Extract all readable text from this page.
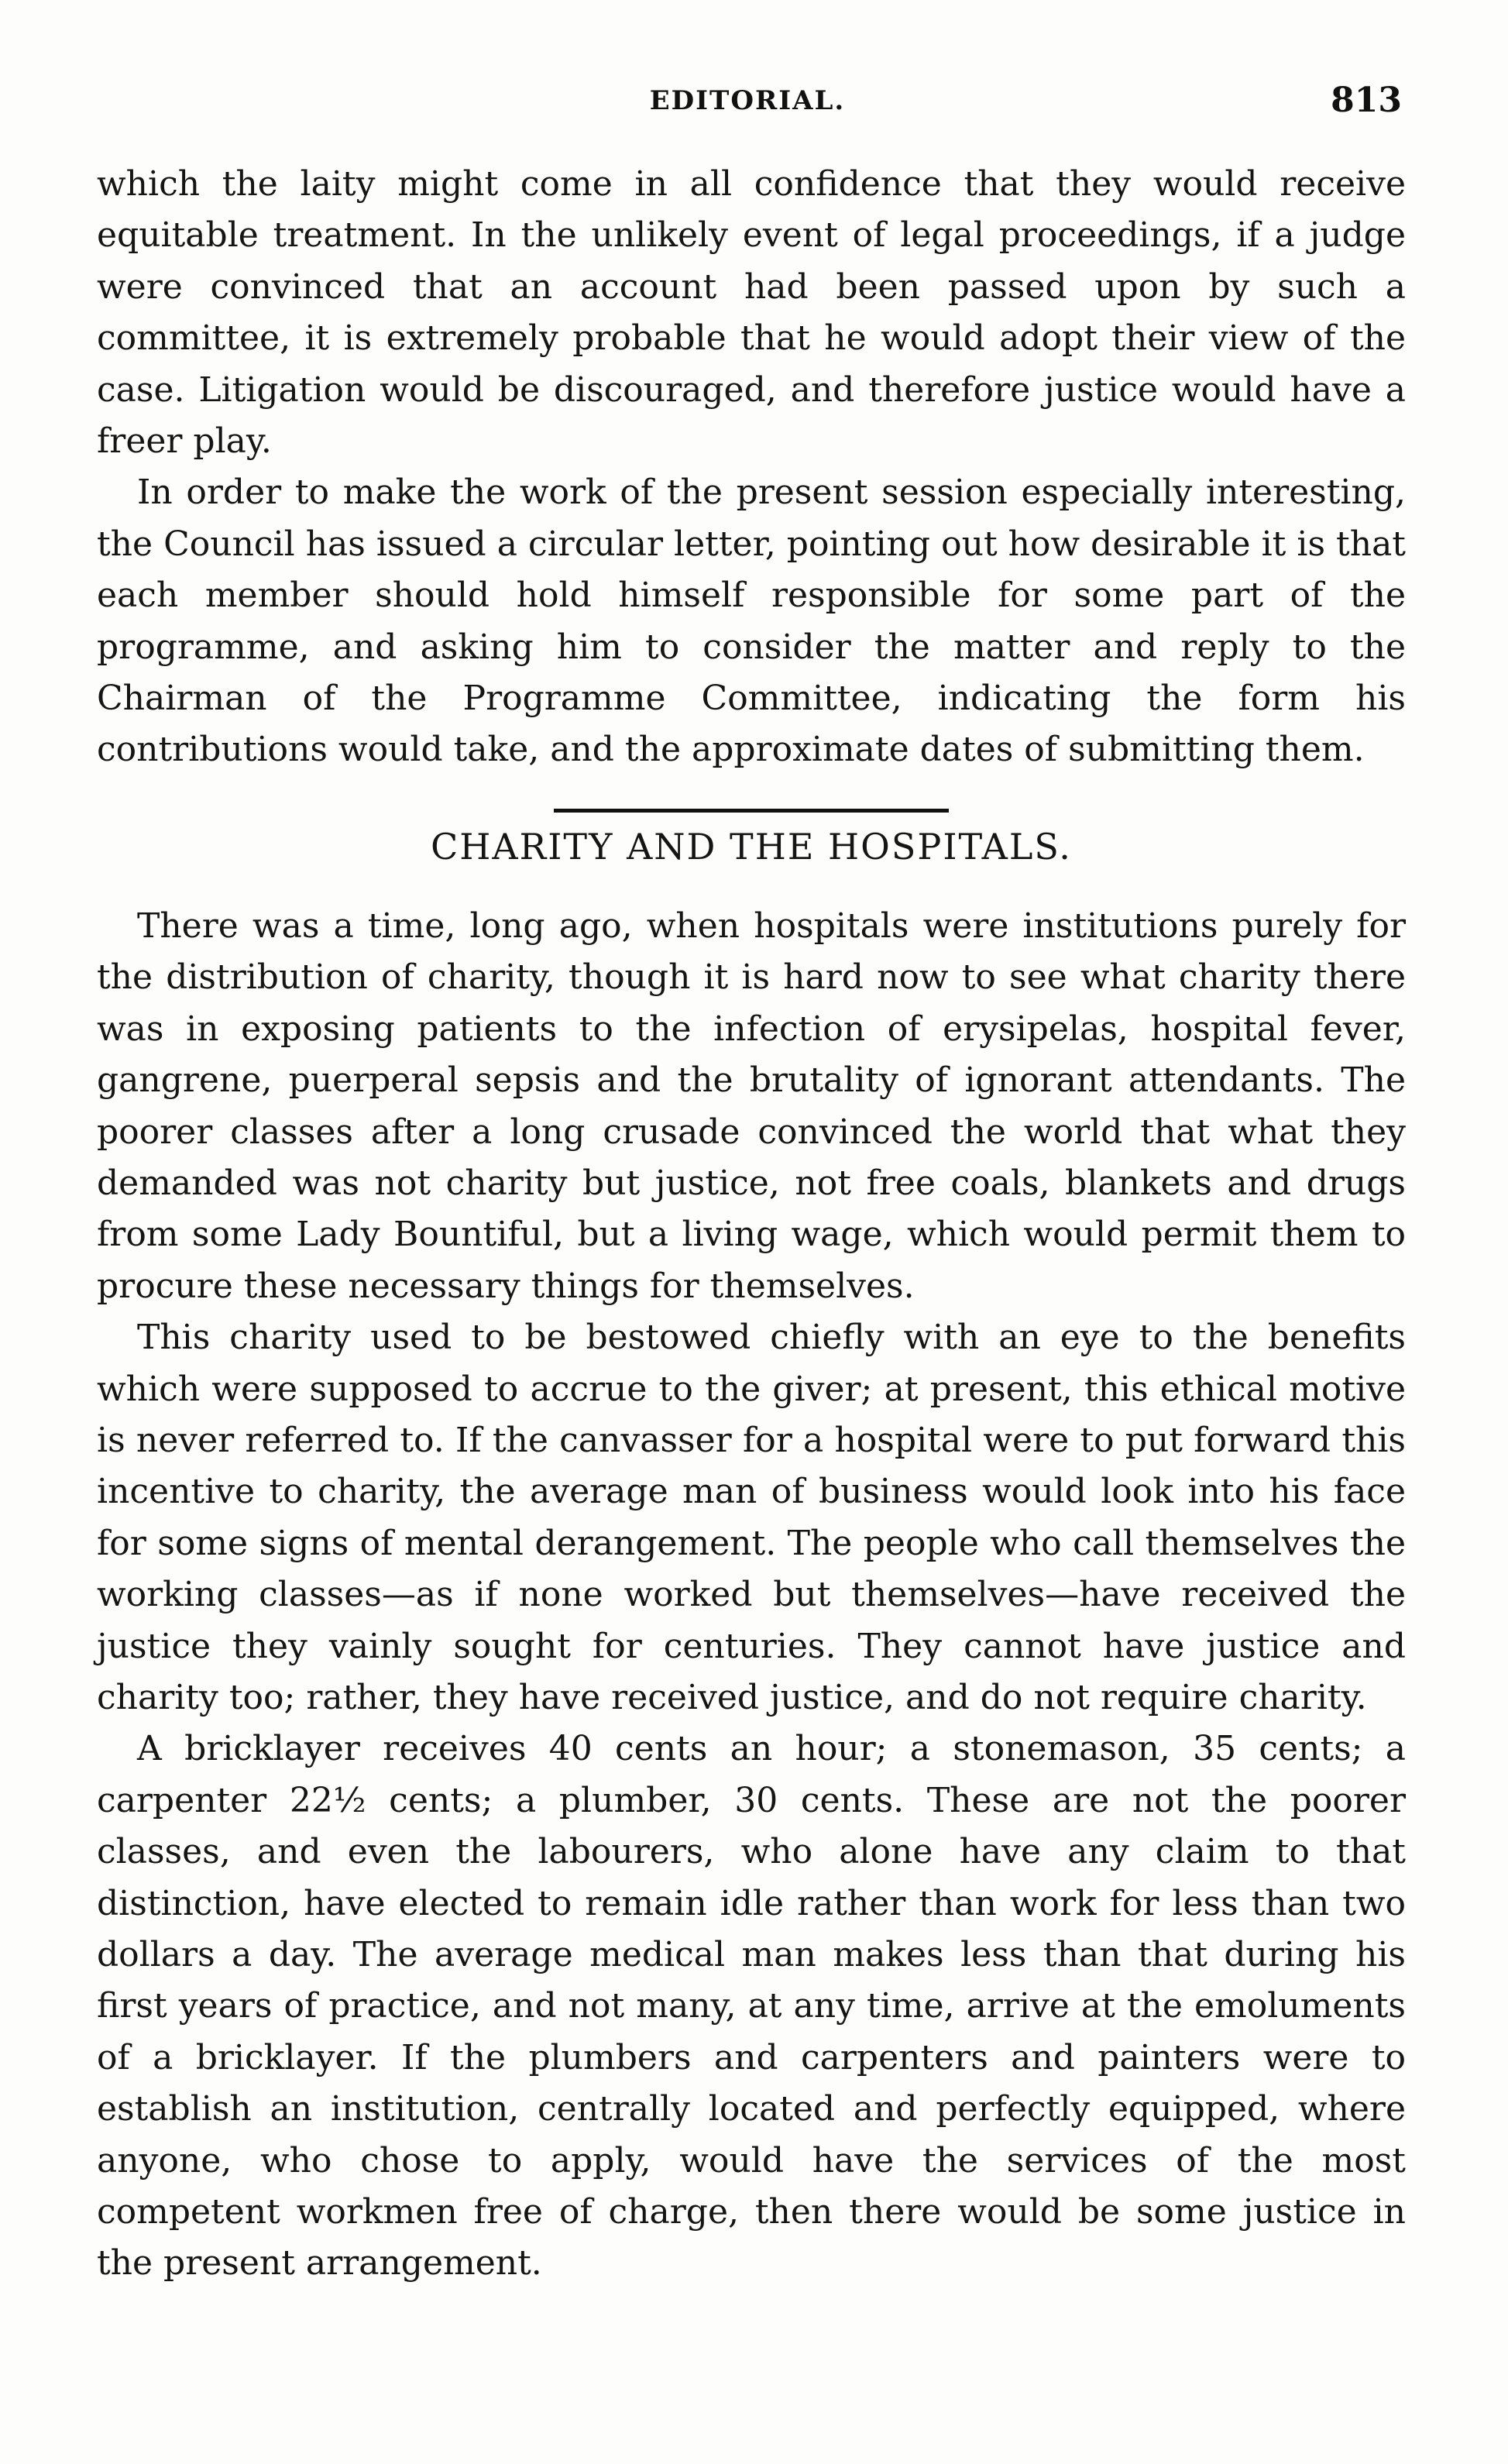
EDITORIAL.	813

which the laity might come in all confidence that they would receive equitable treatment. In the unlikely event of legal proceedings, if a judge were convinced that an account had been passed upon by such a committee, it is extremely probable that he would adopt their view of the case. Litigation would be discouraged, and therefore justice would have a freer play.

In order to make the work of the present session especially interesting, the Council has issued a circular letter, pointing out how desirable it is that each member should hold himself responsible for some part of the programme, and asking him to consider the matter and reply to the Chairman of the Programme Committee, indicating the form his contributions would take, and the approximate dates of submitting them.

CHARITY AND THE HOSPITALS.

There was a time, long ago, when hospitals were institutions purely for the distribution of charity, though it is hard now to see what charity there was in exposing patients to the infection of erysipelas, hospital fever, gangrene, puerperal sepsis and the brutality of ignorant attendants. The poorer classes after a long crusade convinced the world that what they demanded was not charity but justice, not free coals, blankets and drugs from some Lady Bountiful, but a living wage, which would permit them to procure these necessary things for themselves.

This charity used to be bestowed chiefly with an eye to the benefits which were supposed to accrue to the giver; at present, this ethical motive is never referred to. If the canvasser for a hospital were to put forward this incentive to charity, the average man of business would look into his face for some signs of mental derangement. The people who call themselves the working classes—as if none worked but themselves—have received the justice they vainly sought for centuries. They cannot have justice and charity too; rather, they have received justice, and do not require charity.

A bricklayer receives 40 cents an hour; a stonemason, 35 cents; a carpenter 22½ cents; a plumber, 30 cents. These are not the poorer classes, and even the labourers, who alone have any claim to that distinction, have elected to remain idle rather than work for less than two dollars a day. The average medical man makes less than that during his first years of practice, and not many, at any time, arrive at the emoluments of a bricklayer. If the plumbers and carpenters and painters were to establish an institution, centrally located and perfectly equipped, where anyone, who chose to apply, would have the services of the most competent workmen free of charge, then there would be some justice in the present arrangement.
